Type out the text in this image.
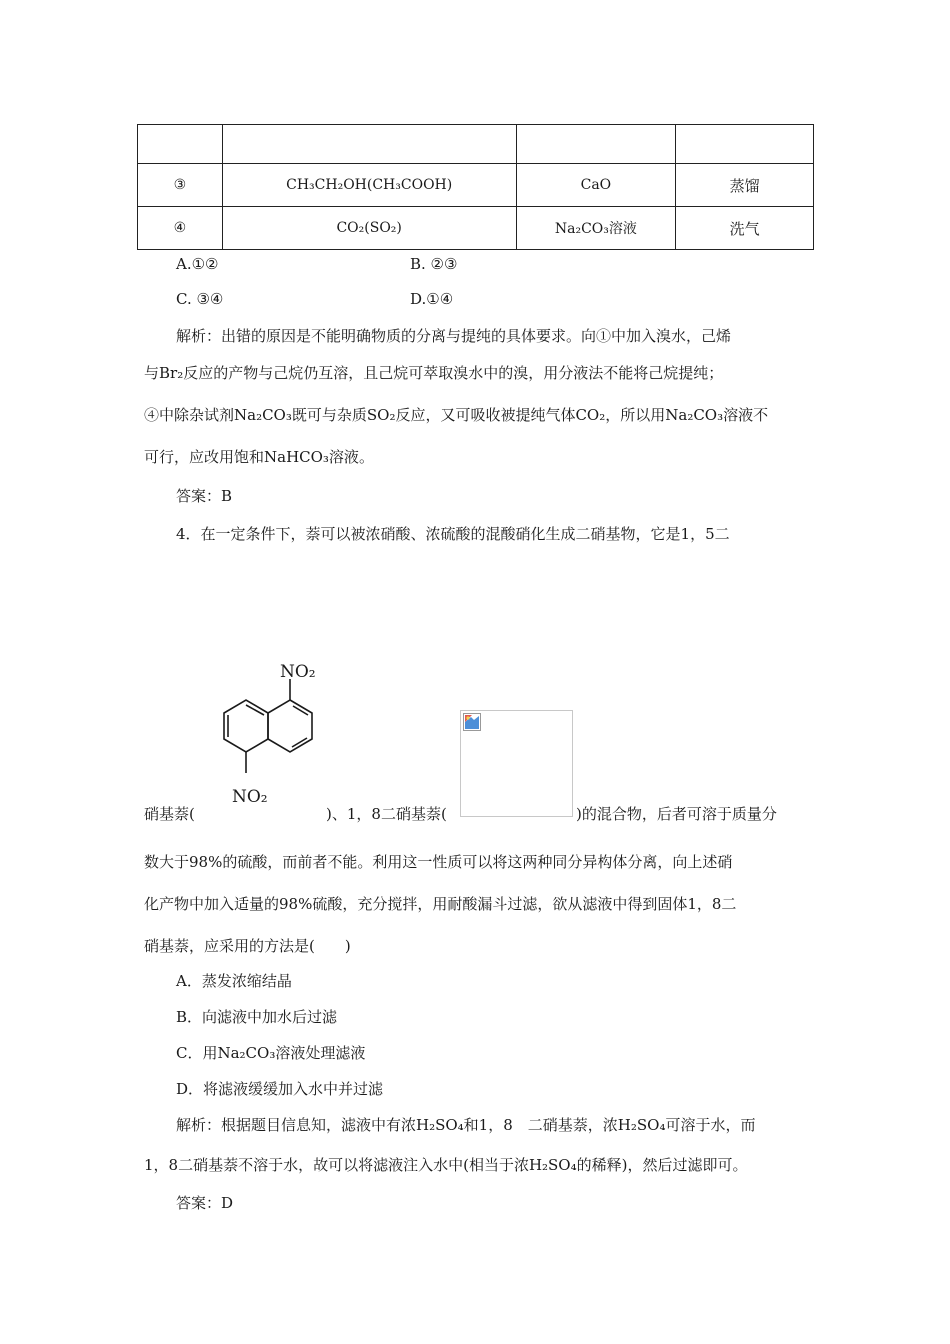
③	CH₃CH₂OH(CH₃COOH)	CaO	蒸馏
④	CO₂(SO₂)	Na₂CO₃溶液	洗气
A.①②	B. ②③
C. ③④	D.①④
解析：出错的原因是不能明确物质的分离与提纯的具体要求。向①中加入溴水，己烯
与Br₂反应的产物与己烷仍互溶，且己烷可萃取溴水中的溴，用分液法不能将己烷提纯；
④中除杂试剂Na₂CO₃既可与杂质SO₂反应，又可吸收被提纯气体CO₂，所以用Na₂CO₃溶液不
可行，应改用饱和NaHCO₃溶液。
答案：B
4．在一定条件下，萘可以被浓硝酸、浓硫酸的混酸硝化生成二硝基物，它是1，5二
NO₂
NO₂
硝基萘(	)、1，8二硝基萘(	)的混合物，后者可溶于质量分
数大于98%的硫酸，而前者不能。利用这一性质可以将这两种同分异构体分离，向上述硝
化产物中加入适量的98%硫酸，充分搅拌，用耐酸漏斗过滤，欲从滤液中得到固体1，8二
硝基萘，应采用的方法是(　　)
A．蒸发浓缩结晶
B．向滤液中加水后过滤
C．用Na₂CO₃溶液处理滤液
D．将滤液缓缓加入水中并过滤
解析：根据题目信息知，滤液中有浓H₂SO₄和1，8　二硝基萘，浓H₂SO₄可溶于水，而
1，8二硝基萘不溶于水，故可以将滤液注入水中(相当于浓H₂SO₄的稀释)，然后过滤即可。
答案：D
